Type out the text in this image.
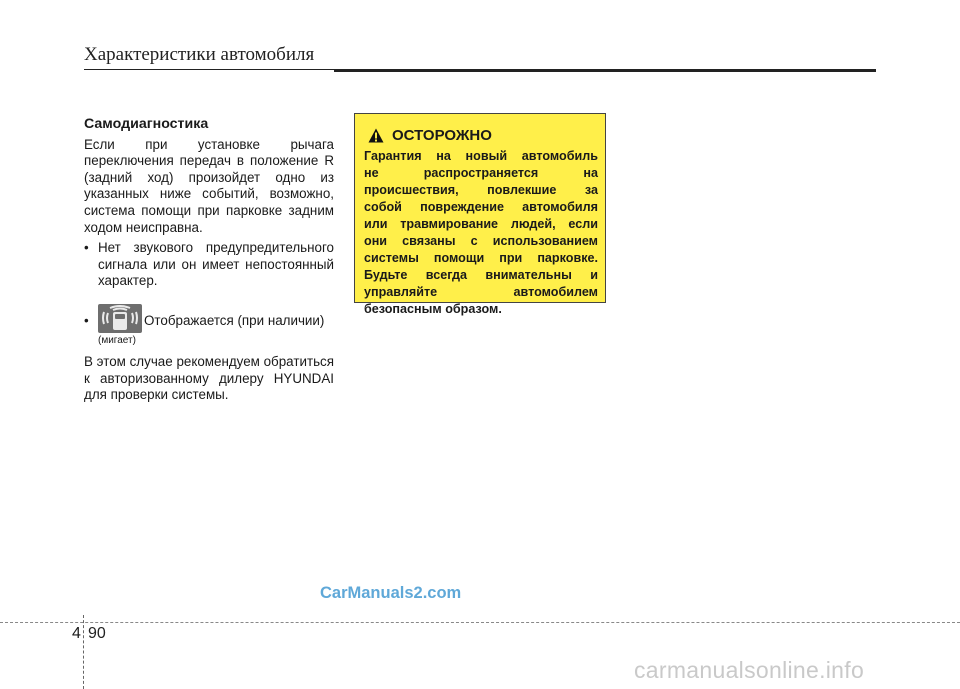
Характеристики автомобиля
Самодиагностика

Если при установке рычага переключения передач в положение R (задний ход) произойдет одно из указанных ниже событий, возможно, система помощи при парковке задним ходом неисправна.

• Нет звукового предупредительного сигнала или он имеет непостоянный характер.
•	Отображается (при наличии)
(мигает)

В этом случае рекомендуем обратиться к авторизованному дилеру HYUNDAI для проверки системы.

ОСТОРОЖНО
Гарантия на новый автомобиль
не распространяется на
происшествия, повлекшие за
собой повреждение автомобиля
или травмирование людей, если
они связаны с использованием
системы помощи при парковке.
Будьте всегда внимательны и
управляйте автомобилем
безопасным образом.
CarManuals2.com
4 90
carmanualsonline.info
